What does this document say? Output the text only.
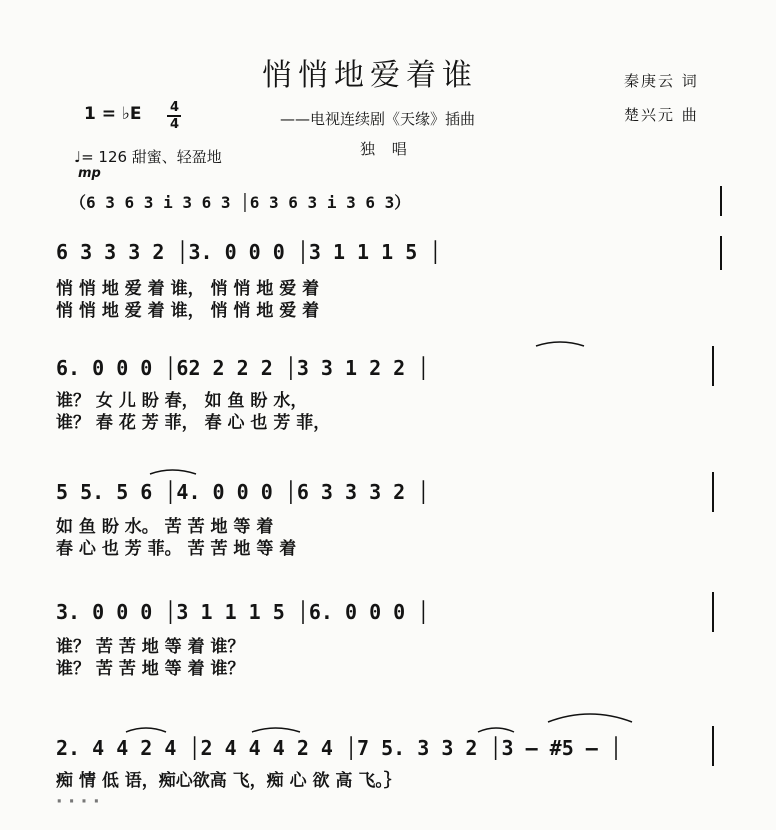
悄悄地爱着谁
——电视连续剧《天缘》插曲
独 唱
秦庚云 词
楚兴元 曲
1 = ♭E 4
4
♩= 126 甜蜜、轻盈地
mp
（6 3 6 3 i 3 6 3 │6 3 6 3 i 3 6 3）
6 3 3 3 2 │3. 0 0 0 │3 1 1 1 5 │
悄 悄 地 爱 着 谁， 悄 悄 地 爱 着
悄 悄 地 爱 着 谁， 悄 悄 地 爱 着
6. 0 0 0 │62 2 2 2 │3 3 1 2 2 │
谁？ 女 儿 盼 春， 如 鱼 盼 水，
谁？ 春 花 芳 菲， 春 心 也 芳 菲，
5 5. 5 6 │4. 0 0 0 │6 3 3 3 2 │
如 鱼 盼 水。 苦 苦 地 等 着
春 心 也 芳 菲。 苦 苦 地 等 着
3. 0 0 0 │3 1 1 1 5 │6. 0 0 0 │
谁？ 苦 苦 地 等 着 谁？
谁？ 苦 苦 地 等 着 谁？
2. 4 4 2 4 │2 4 4 4 2 4 │7 5. 3 3 2 │3 — #5 — │
痴 情 低 语，痴心欲高 飞，痴 心 欲 高 飞。｝
· · · ·
